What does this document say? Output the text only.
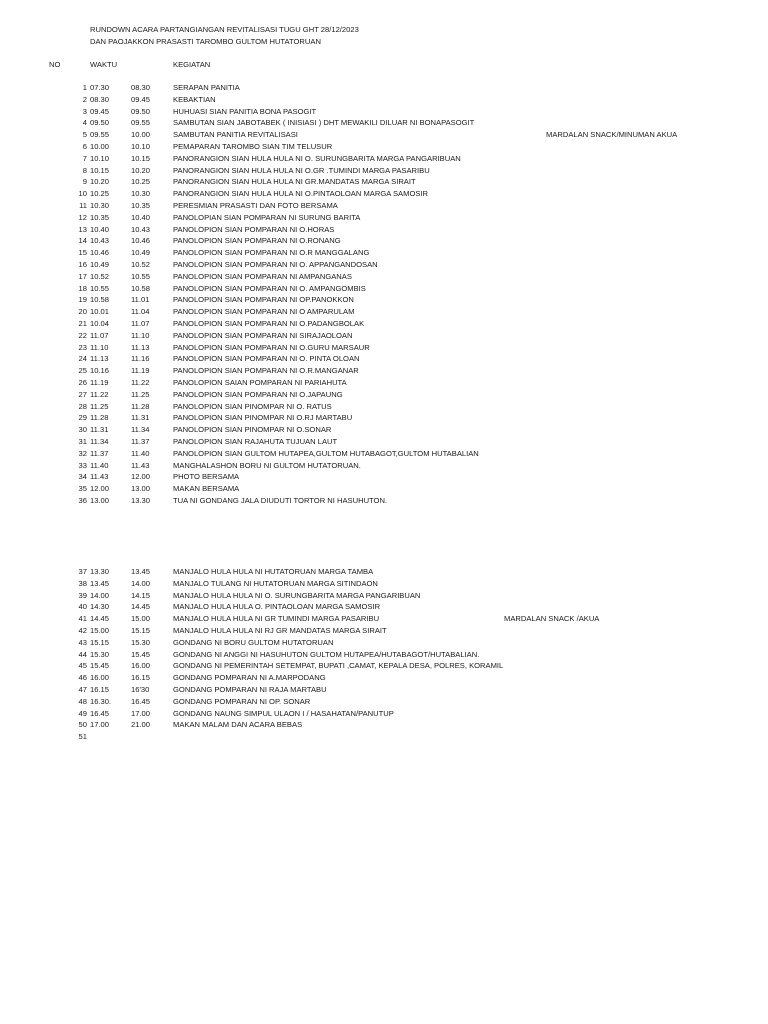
RUNDOWN ACARA PARTANGIANGAN REVITALISASI TUGU GHT 28/12/2023
DAN PAOJAKKON PRASASTI TAROMBO GULTOM HUTATORUAN
NO	WAKTU	KEGIATAN
1 07.30	08.30	SERAPAN PANITIA
2 08.30	09.45	KEBAKTIAN
3 09.45	09.50	HUHUASI SIAN PANITIA BONA PASOGIT
4 09.50	09.55	SAMBUTAN SIAN JABOTABEK ( INISIASI ) DHT MEWAKILI DILUAR NI BONAPASOGIT
5 09.55	10.00	SAMBUTAN PANITIA REVITALISASI	MARDALAN SNACK/MINUMAN AKUA
6 10.00	10.10	PEMAPARAN TAROMBO SIAN TIM TELUSUR
7 10.10	10.15	PANORANGION SIAN HULA HULA NI O. SURUNGBARITA MARGA PANGARIBUAN
8 10.15	10.20	PANORANGION SIAN HULA HULA NI O.GR .TUMINDI MARGA PASARIBU
9 10.20	10.25	PANORANGION SIAN HULA HULA NI GR.MANDATAS MARGA SIRAIT
10 10.25	10.30	PANORANGION SIAN HULA HULA NI O.PINTAOLOAN MARGA SAMOSIR
11 10.30	10.35	PERESMIAN PRASASTI DAN FOTO BERSAMA
12 10.35	10.40	PANOLOPIAN SIAN POMPARAN NI SURUNG BARITA
13 10.40	10.43	PANOLOPION SIAN POMPARAN NI O.HORAS
14 10.43	10.46	PANOLOPION SIAN POMPARAN NI O.RONANG
15 10.46	10.49	PANOLOPION SIAN POMPARAN NI O.R MANGGALANG
16 10.49	10.52	PANOLOPION SIAN POMPARAN NI O. APPANGANDOSAN
17 10.52	10.55	PANOLOPION SIAN POMPARAN NI AMPANGANAS
18 10.55	10.58	PANOLOPION SIAN POMPARAN NI O. AMPANGOMBIS
19 10.58	11.01	PANOLOPION SIAN POMPARAN NI OP.PANOKKON
20 10.01	11.04	PANOLOPION SIAN POMPARAN NI O AMPARULAM
21 10.04	11.07	PANOLOPION SIAN POMPARAN NI O.PADANGBOLAK
22 11.07	11.10	PANOLOPION SIAN POMPARAN NI SIRAJAOLOAN
23 11.10	11.13	PANOLOPION SIAN POMPARAN NI O.GURU MARSAUR
24 11.13	11.16	PANOLOPION SIAN POMPARAN NI O. PINTA OLOAN
25 10.16	11.19	PANOLOPION SIAN POMPARAN NI O.R.MANGANAR
26 11.19	11.22	PANOLOPION SAIAN POMPARAN NI PARIAHUTA
27 11.22	11.25	PANOLOPION SIAN POMPARAN NI O.JAPAUNG
28 11.25	11.28	PANOLOPION SIAN PINOMPAR NI O. RATUS
29 11.28	11.31	PANOLOPION SIAN PINOMPAR NI O.RJ MARTABU
30 11.31	11.34	PANOLOPION SIAN PINOMPAR NI O.SONAR
31 11.34	11.37	PANOLOPION SIAN RAJAHUTA TUJUAN LAUT
32 11.37	11.40	PANOLOPION SIAN GULTOM HUTAPEA,GULTOM HUTABAGOT,GULTOM HUTABALIAN
33 11.40	11.43	MANGHALASHON BORU NI GULTOM HUTATORUAN.
34 11.43	12.00	PHOTO BERSAMA
35 12.00	13.00	MAKAN BERSAMA
36 13.00	13.30	TUA NI GONDANG JALA DIUDUTI TORTOR NI HASUHUTON.
37 13.30	13.45	MANJALO HULA HULA NI HUTATORUAN MARGA TAMBA
38 13.45	14.00	MANJALO TULANG NI HUTATORUAN MARGA SITINDAON
39 14.00	14.15	MANJALO HULA HULA NI O. SURUNGBARITA MARGA PANGARIBUAN
40 14.30	14.45	MANJALO HULA HULA O. PINTAOLOAN MARGA SAMOSIR
41 14.45	15.00	MANJALO HULA HULA NI GR TUMINDI MARGA PASARIBU	MARDALAN SNACK /AKUA
42 15.00	15.15	MANJALO HULA HULA NI RJ GR MANDATAS MARGA SIRAIT
43 15.15	15.30	GONDANG NI BORU GULTOM HUTATORUAN
44 15.30	15.45	GONDANG NI ANGGI NI HASUHUTON GULTOM HUTAPEA/HUTABAGOT/HUTABALIAN.
45 15.45	16.00	GONDANG NI PEMERINTAH SETEMPAT, BUPATI ,CAMAT, KEPALA DESA, POLRES, KORAMIL
46 16.00	16.15	GONDANG POMPARAN NI A.MARPODANG
47 16.15	16'30	GONDANG POMPARAN NI RAJA MARTABU
48 16.30.	16.45	GONDANG POMPARAN NI OP. SONAR
49 16.45	17.00	GONDANG NAUNG SIMPUL ULAON I / HASAHATAN/PANUTUP
50 17.00	21.00	MAKAN MALAM DAN ACARA BEBAS
51
